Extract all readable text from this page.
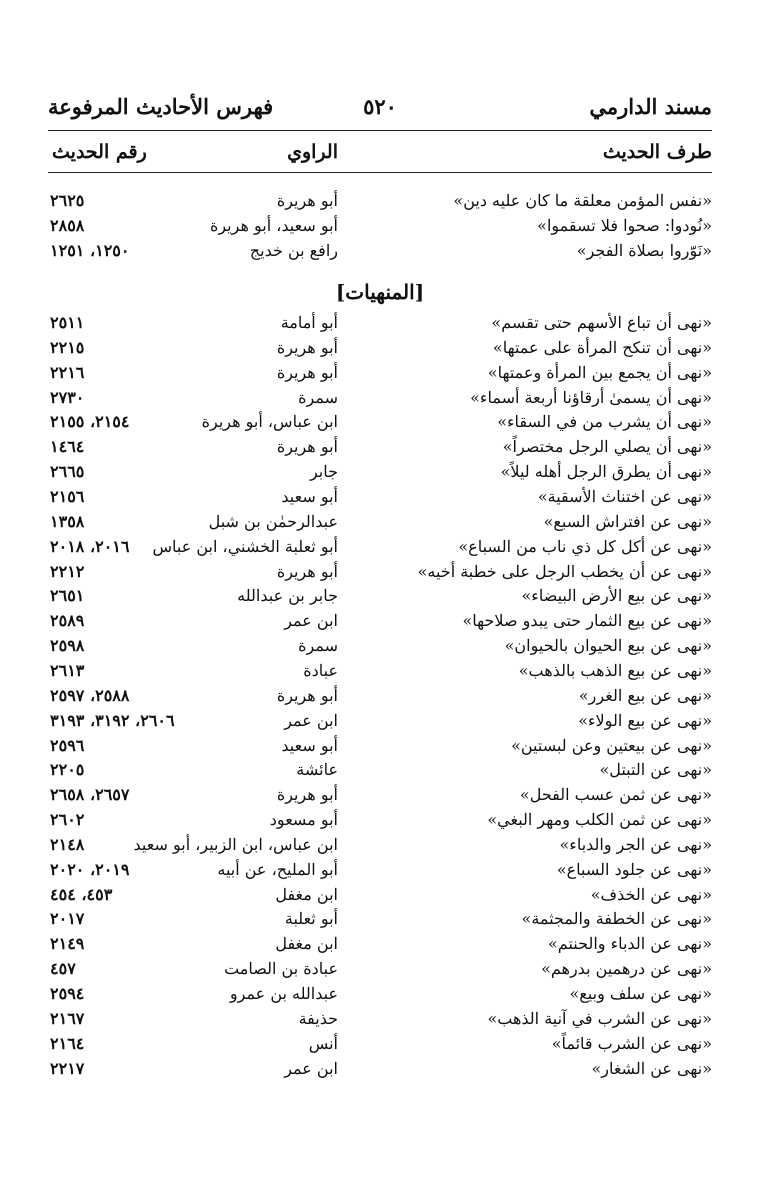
مسند الدارمي
٥٢٠
فهرس الأحاديث المرفوعة
طرف الحديث
الراوي
رقم الحديث
«نفس المؤمن معلقة ما كان عليه دين»
أبو هريرة
٢٦٢٥
«نُودوا: صحوا فلا تسقموا»
أبو سعيد، أبو هريرة
٢٨٥٨
«نَوّروا بصلاة الفجر»
رافع بن خديج
١٢٥٠، ١٢٥١
[المنهيات]
«نهى أن تباع الأسهم حتى تقسم»
أبو أمامة
٢٥١١
«نهى أن تنكح المرأة على عمتها»
أبو هريرة
٢٢١٥
«نهى أن يجمع بين المرأة وعمتها»
أبو هريرة
٢٢١٦
«نهى أن يسمىٰ أرقاؤنا أربعة أسماء»
سمرة
٢٧٣٠
«نهى أن يشرب من في السقاء»
ابن عباس، أبو هريرة
٢١٥٤، ٢١٥٥
«نهى أن يصلي الرجل مختصراً»
أبو هريرة
١٤٦٤
«نهى أن يطرق الرجل أهله ليلاً»
جابر
٢٦٦٥
«نهى عن اختناث الأسقية»
أبو سعيد
٢١٥٦
«نهى عن افتراش السبع»
عبدالرحمٰن بن شبل
١٣٥٨
«نهى عن أكل كل ذي ناب من السباع»
أبو ثعلبة الخشني، ابن عباس
٢٠١٦، ٢٠١٨
«نهى عن أن يخطب الرجل على خطبة أخيه»
أبو هريرة
٢٢١٢
«نهى عن بيع الأرض البيضاء»
جابر بن عبدالله
٢٦٥١
«نهى عن بيع الثمار حتى يبدو صلاحها»
ابن عمر
٢٥٨٩
«نهى عن بيع الحيوان بالحيوان»
سمرة
٢٥٩٨
«نهى عن بيع الذهب بالذهب»
عبادة
٢٦١٣
«نهى عن بيع الغرر»
أبو هريرة
٢٥٨٨، ٢٥٩٧
«نهى عن بيع الولاء»
ابن عمر
٢٦٠٦، ٣١٩٢، ٣١٩٣
«نهى عن بيعتين وعن لبستين»
أبو سعيد
٢٥٩٦
«نهى عن التبتل»
عائشة
٢٢٠٥
«نهى عن ثمن عسب الفحل»
أبو هريرة
٢٦٥٧، ٢٦٥٨
«نهى عن ثمن الكلب ومهر البغي»
أبو مسعود
٢٦٠٢
«نهى عن الجر والدباء»
ابن عباس، ابن الزبير، أبو سعيد
٢١٤٨
«نهى عن جلود السباع»
أبو المليح، عن أبيه
٢٠١٩، ٢٠٢٠
«نهى عن الخذف»
ابن مغفل
٤٥٣، ٤٥٤
«نهى عن الخطفة والمجثمة»
أبو ثعلبة
٢٠١٧
«نهى عن الدباء والحنتم»
ابن مغفل
٢١٤٩
«نهى عن درهمين بدرهم»
عبادة بن الصامت
٤٥٧
«نهى عن سلف وبيع»
عبدالله بن عمرو
٢٥٩٤
«نهى عن الشرب في آنية الذهب»
حذيفة
٢١٦٧
«نهى عن الشرب قائماً»
أنس
٢١٦٤
«نهى عن الشغار»
ابن عمر
٢٢١٧
